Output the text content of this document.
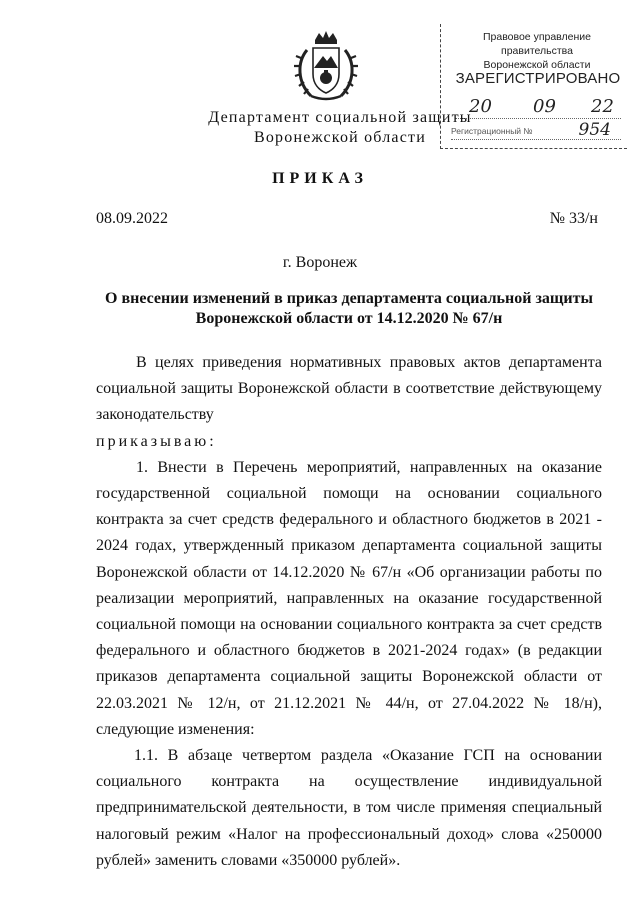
Правовое управление правительства
Воронежской области
ЗАРЕГИСТРИРОВАНО
20 09 22
Регистрационный №	954
Департамент социальной защиты
Воронежской области
ПРИКАЗ
08.09.2022	№ 33/н
г. Воронеж
О внесении изменений в приказ департамента социальной защиты Воронежской области от 14.12.2020 № 67/н

В целях приведения нормативных правовых актов департамента социальной защиты Воронежской области в соответствие действующему законодательству

приказываю:

1. Внести в Перечень мероприятий, направленных на оказание государственной социальной помощи на основании социального контракта за счет средств федерального и областного бюджетов в 2021 - 2024 годах, утвержденный приказом департамента социальной защиты Воронежской области от 14.12.2020 № 67/н «Об организации работы по реализации мероприятий, направленных на оказание государственной социальной помощи на основании социального контракта за счет средств федерального и областного бюджетов в 2021-2024 годах» (в редакции приказов департамента социальной защиты Воронежской области от 22.03.2021 № 12/н, от 21.12.2021 № 44/н, от 27.04.2022 № 18/н), следующие изменения:

1.1. В абзаце четвертом раздела «Оказание ГСП на основании социального контракта на осуществление индивидуальной предпринимательской деятельности, в том числе применяя специальный налоговый режим «Налог на профессиональный доход» слова «250000 рублей» заменить словами «350000 рублей».
